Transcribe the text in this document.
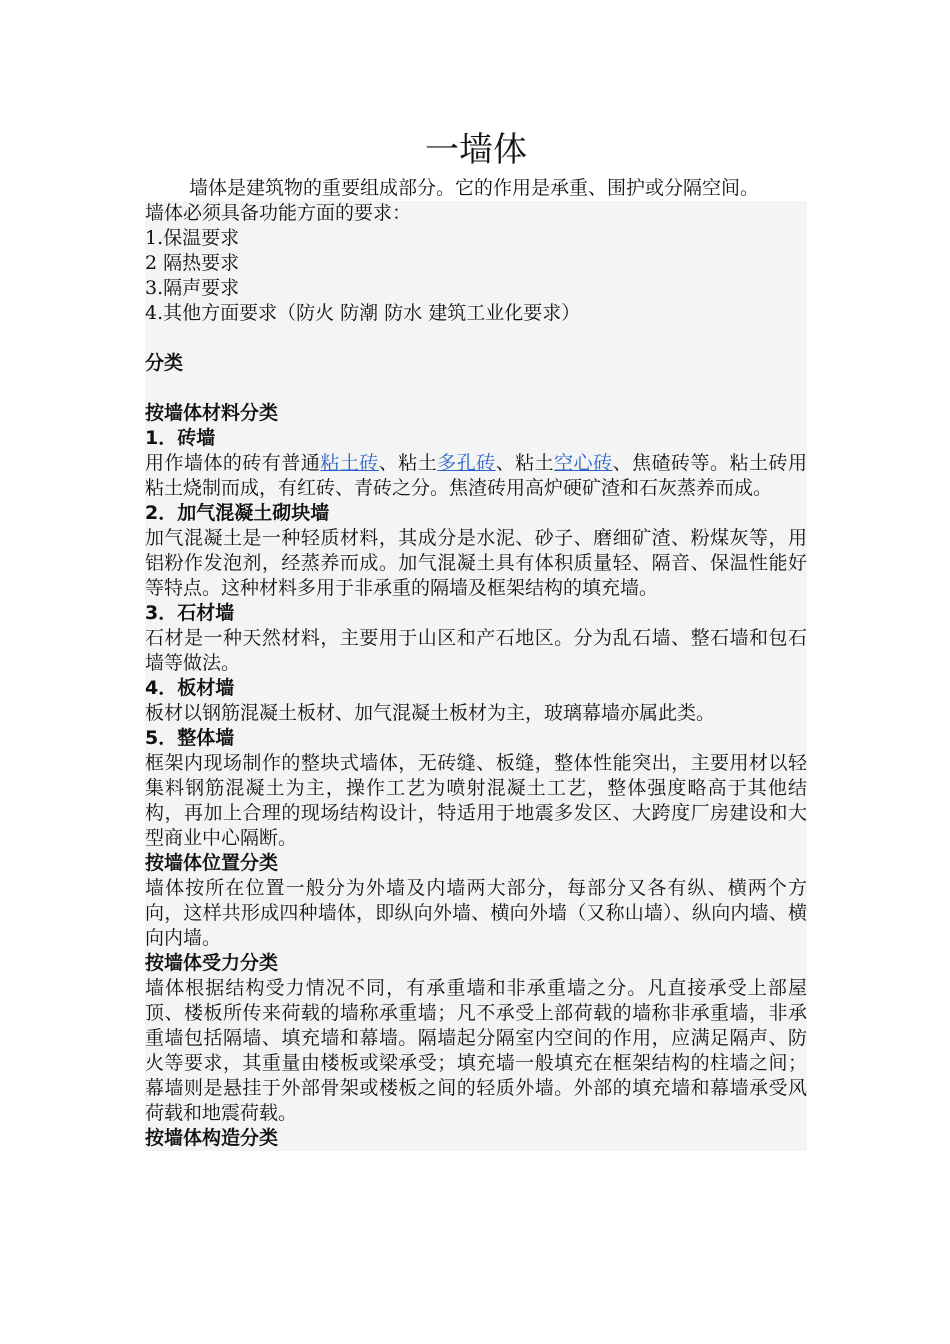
一墙体

墙体是建筑物的重要组成部分。它的作用是承重、围护或分隔空间。

墙体必须具备功能方面的要求：

1.保温要求

2 隔热要求

3.隔声要求

4.其他方面要求（防火 防潮 防水 建筑工业化要求）

分类

按墙体材料分类

1．砖墙

用作墙体的砖有普通粘土砖、粘土多孔砖、粘土空心砖、焦碴砖等。粘土砖用粘土烧制而成，有红砖、青砖之分。焦渣砖用高炉硬矿渣和石灰蒸养而成。

2．加气混凝土砌块墙

加气混凝土是一种轻质材料，其成分是水泥、砂子、磨细矿渣、粉煤灰等，用铝粉作发泡剂，经蒸养而成。加气混凝土具有体积质量轻、隔音、保温性能好等特点。这种材料多用于非承重的隔墙及框架结构的填充墙。

3．石材墙

石材是一种天然材料，主要用于山区和产石地区。分为乱石墙、整石墙和包石墙等做法。

4．板材墙

板材以钢筋混凝土板材、加气混凝土板材为主，玻璃幕墙亦属此类。

5．整体墙

框架内现场制作的整块式墙体，无砖缝、板缝，整体性能突出，主要用材以轻集料钢筋混凝土为主，操作工艺为喷射混凝土工艺，整体强度略高于其他结构，再加上合理的现场结构设计，特适用于地震多发区、大跨度厂房建设和大型商业中心隔断。

按墙体位置分类

墙体按所在位置一般分为外墙及内墙两大部分，每部分又各有纵、横两个方向，这样共形成四种墙体，即纵向外墙、横向外墙（又称山墙）、纵向内墙、横向内墙。

按墙体受力分类

墙体根据结构受力情况不同，有承重墙和非承重墙之分。凡直接承受上部屋顶、楼板所传来荷载的墙称承重墙；凡不承受上部荷载的墙称非承重墙，非承重墙包括隔墙、填充墙和幕墙。隔墙起分隔室内空间的作用，应满足隔声、防火等要求，其重量由楼板或梁承受；填充墙一般填充在框架结构的柱墙之间；幕墙则是悬挂于外部骨架或楼板之间的轻质外墙。外部的填充墙和幕墙承受风荷载和地震荷载。

按墙体构造分类
